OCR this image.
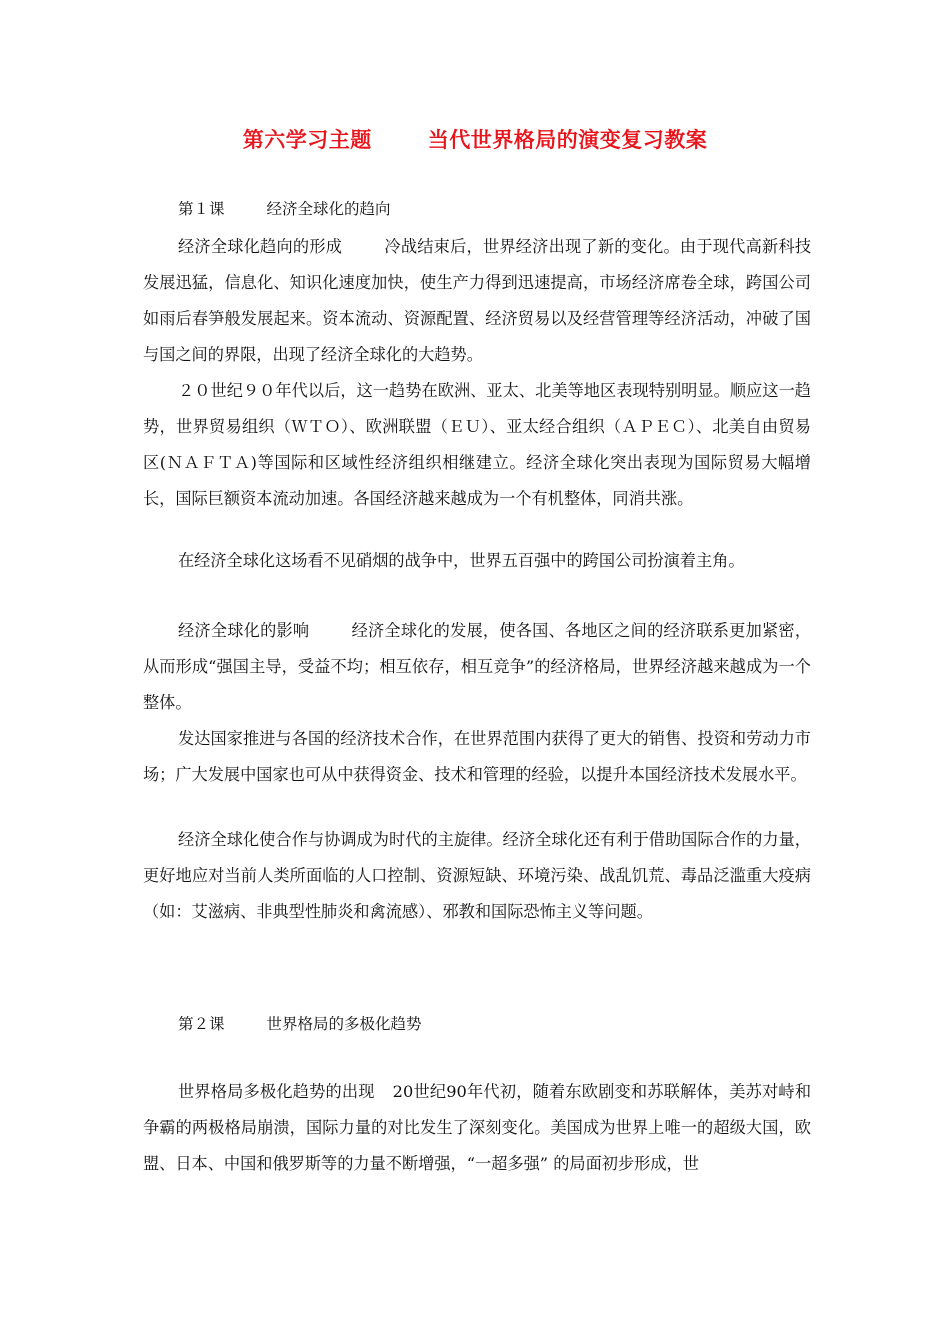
第六学习主题	当代世界格局的演变复习教案
第１课	经济全球化的趋向
经济全球化趋向的形成	冷战结束后，世界经济出现了新的变化。由于现代高新科技发展迅猛，信息化、知识化速度加快，使生产力得到迅速提高，市场经济席卷全球，跨国公司如雨后春笋般发展起来。资本流动、资源配置、经济贸易以及经营管理等经济活动，冲破了国与国之间的界限，出现了经济全球化的大趋势。
２０世纪９０年代以后，这一趋势在欧洲、亚太、北美等地区表现特别明显。顺应这一趋势，世界贸易组织（ＷＴＯ）、欧洲联盟（ＥＵ）、亚太经合组织（ＡＰＥＣ）、北美自由贸易区(ＮＡＦＴＡ)等国际和区域性经济组织相继建立。经济全球化突出表现为国际贸易大幅增长，国际巨额资本流动加速。各国经济越来越成为一个有机整体，同消共涨。
在经济全球化这场看不见硝烟的战争中，世界五百强中的跨国公司扮演着主角。
经济全球化的影响	经济全球化的发展，使各国、各地区之间的经济联系更加紧密，从而形成“强国主导，受益不均；相互依存，相互竞争”的经济格局，世界经济越来越成为一个整体。
发达国家推进与各国的经济技术合作，在世界范围内获得了更大的销售、投资和劳动力市场；广大发展中国家也可从中获得资金、技术和管理的经验，以提升本国经济技术发展水平。
经济全球化使合作与协调成为时代的主旋律。经济全球化还有利于借助国际合作的力量，更好地应对当前人类所面临的人口控制、资源短缺、环境污染、战乱饥荒、毒品泛滥重大疫病（如：艾滋病、非典型性肺炎和禽流感）、邪教和国际恐怖主义等问题。
第２课	世界格局的多极化趋势
世界格局多极化趋势的出现 20世纪90年代初，随着东欧剧变和苏联解体，美苏对峙和争霸的两极格局崩溃，国际力量的对比发生了深刻变化。美国成为世界上唯一的超级大国，欧盟、日本、中国和俄罗斯等的力量不断增强，“一超多强” 的局面初步形成，世
